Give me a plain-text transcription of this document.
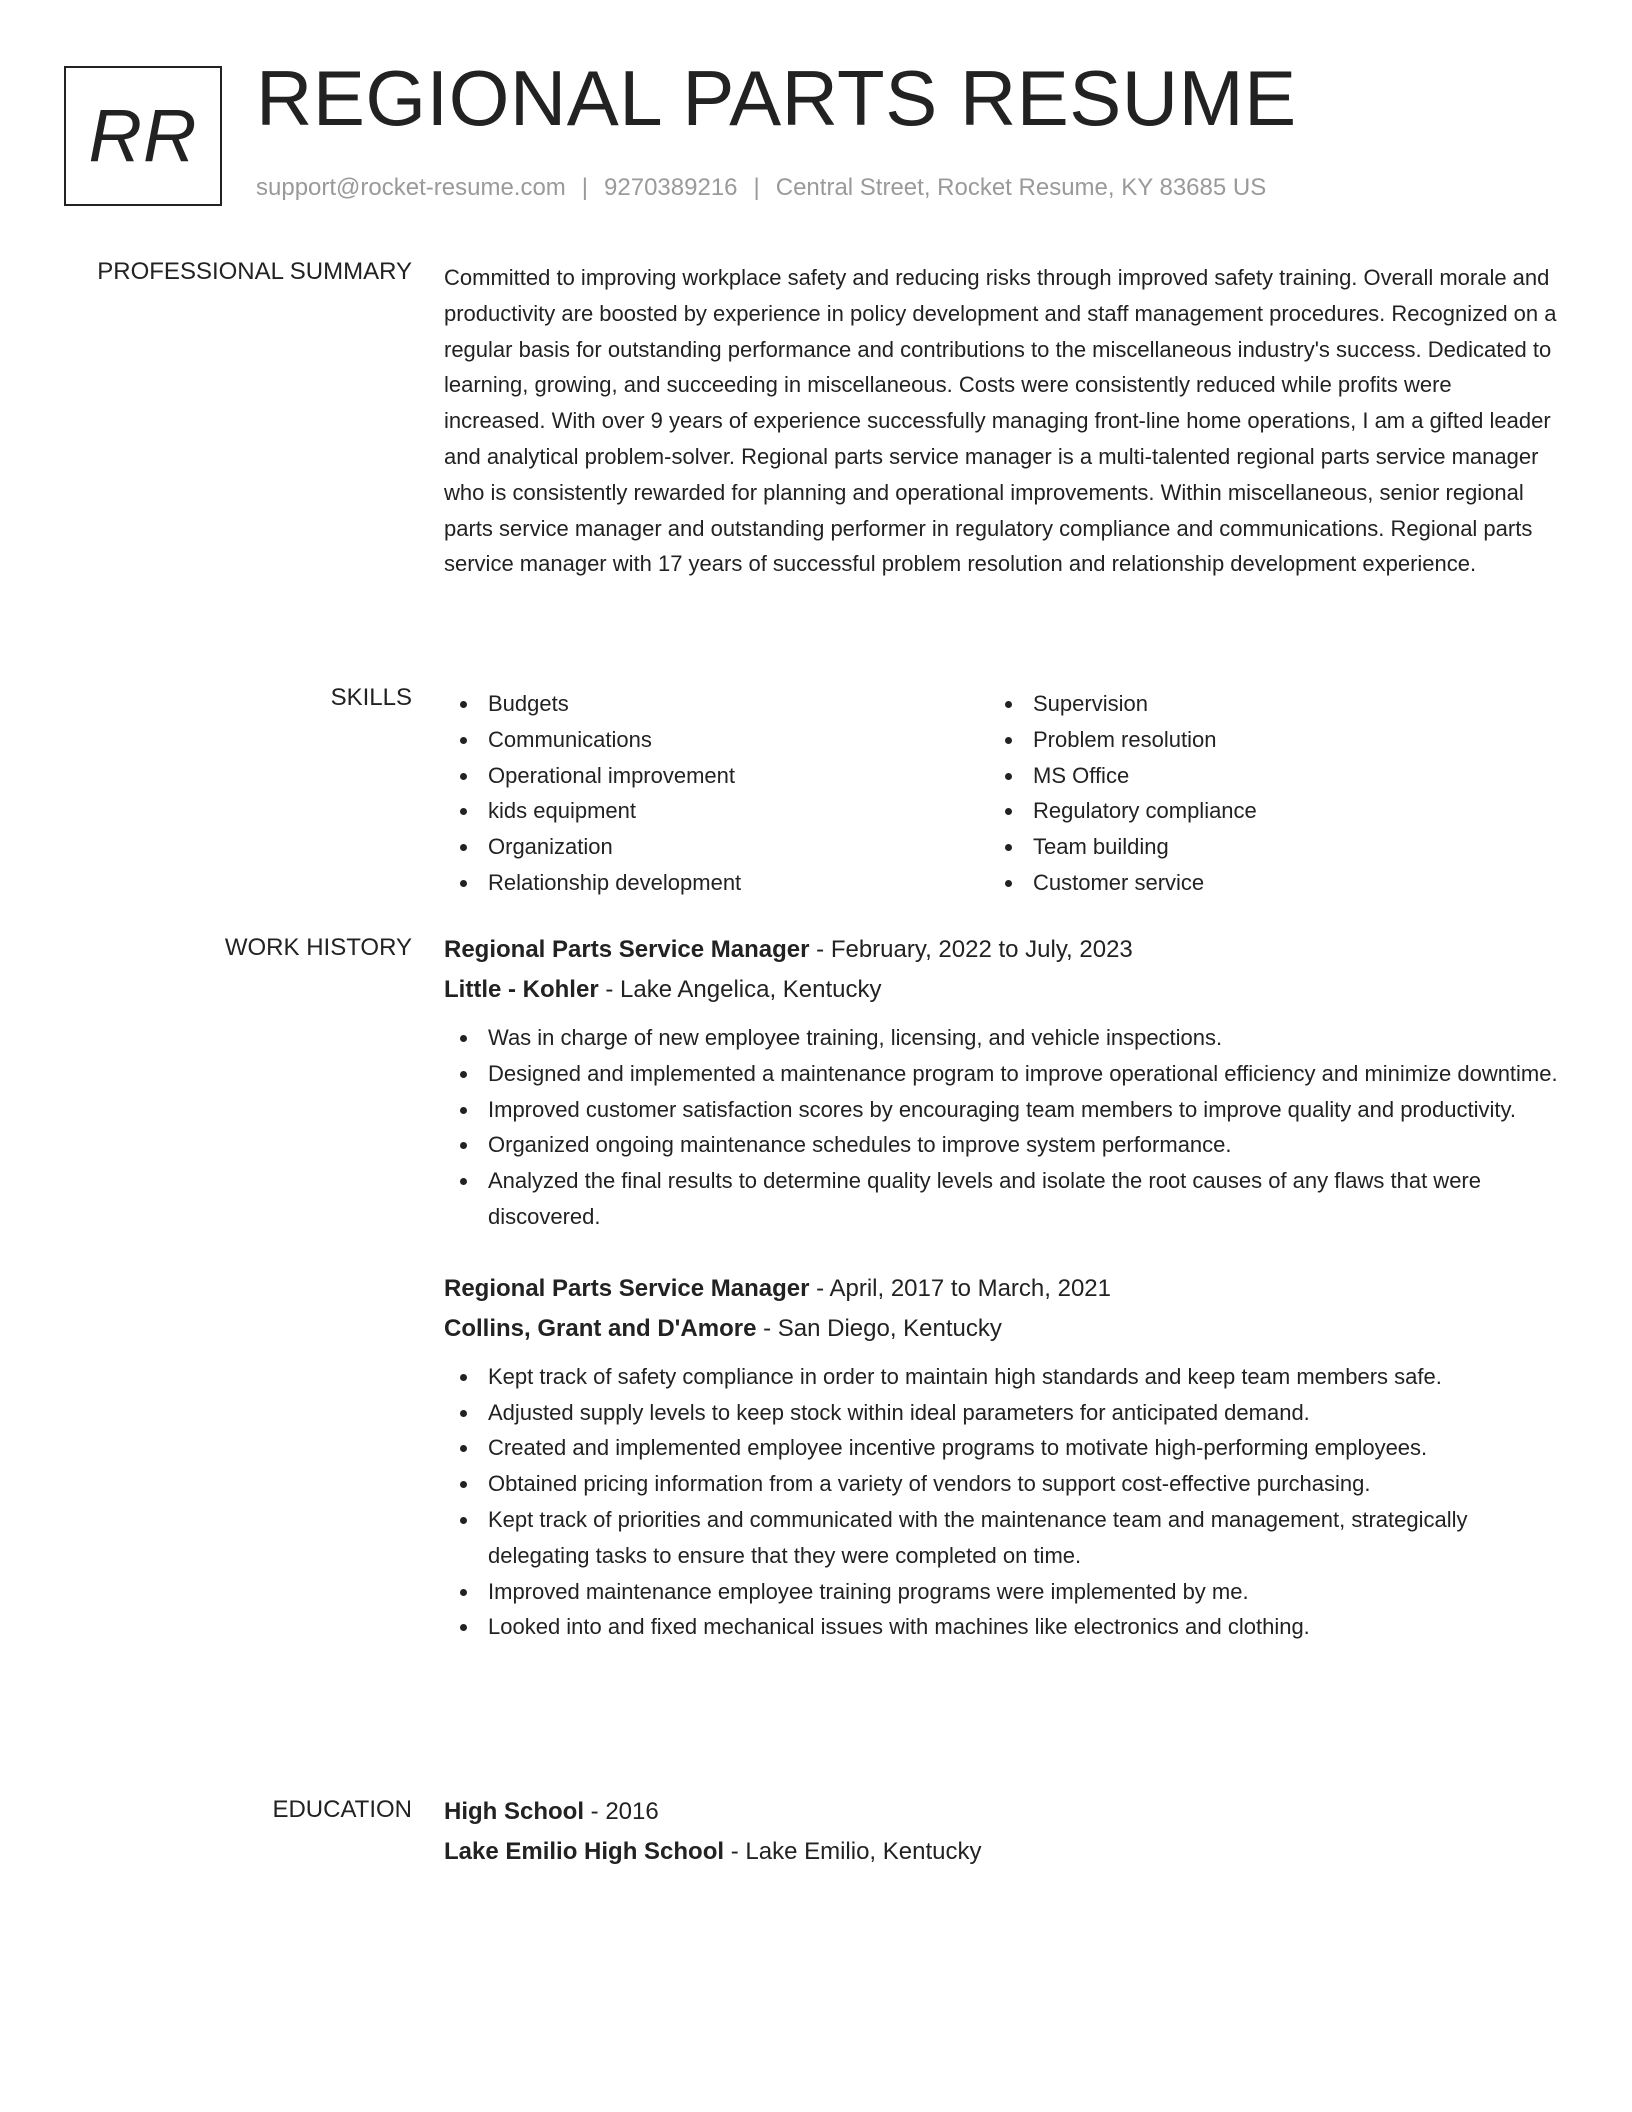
RR REGIONAL PARTS RESUME
support@rocket-resume.com | 9270389216 | Central Street, Rocket Resume, KY 83685 US
PROFESSIONAL SUMMARY Committed to improving workplace safety and reducing risks through improved safety training. Overall morale and productivity are boosted by experience in policy development and staff management procedures. Recognized on a regular basis for outstanding performance and contributions to the miscellaneous industry's success. Dedicated to learning, growing, and succeeding in miscellaneous. Costs were consistently reduced while profits were increased. With over 9 years of experience successfully managing front-line home operations, I am a gifted leader and analytical problem-solver. Regional parts service manager is a multi-talented regional parts service manager who is consistently rewarded for planning and operational improvements. Within miscellaneous, senior regional parts service manager and outstanding performer in regulatory compliance and communications. Regional parts service manager with 17 years of successful problem resolution and relationship development experience.

SKILLS	Budgets
Communications
Operational improvement
kids equipment
Organization
Relationship development
Supervision
Problem resolution
MS Office
Regulatory compliance
Team building
Customer service
WORK HISTORY Regional Parts Service Manager - February, 2022 to July, 2023
Little - Kohler - Lake Angelica, Kentucky
Was in charge of new employee training, licensing, and vehicle inspections.
Designed and implemented a maintenance program to improve operational efficiency and minimize downtime.
Improved customer satisfaction scores by encouraging team members to improve quality and productivity.
Organized ongoing maintenance schedules to improve system performance.
Analyzed the final results to determine quality levels and isolate the root causes of any flaws that were discovered.
Regional Parts Service Manager - April, 2017 to March, 2021
Collins, Grant and D'Amore - San Diego, Kentucky
Kept track of safety compliance in order to maintain high standards and keep team members safe.
Adjusted supply levels to keep stock within ideal parameters for anticipated demand.
Created and implemented employee incentive programs to motivate high-performing employees.
Obtained pricing information from a variety of vendors to support cost-effective purchasing.
Kept track of priorities and communicated with the maintenance team and management, strategically delegating tasks to ensure that they were completed on time.
Improved maintenance employee training programs were implemented by me.
Looked into and fixed mechanical issues with machines like electronics and clothing.
EDUCATION High School - 2016
Lake Emilio High School - Lake Emilio, Kentucky
